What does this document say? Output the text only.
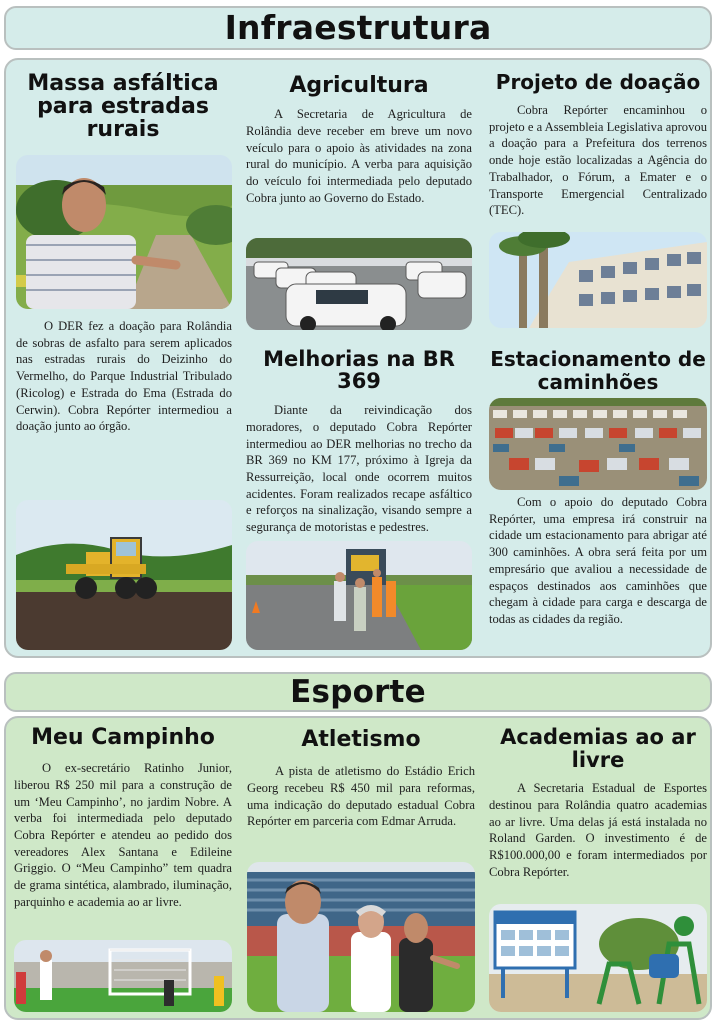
Infraestrutura
Massa asfáltica para estradas rurais
O DER fez a doação para Rolândia de sobras de asfalto para serem aplicados nas estradas rurais do Deizinho do Vermelho, do Parque Industrial Tribulado (Ricolog) e Estrada do Ema (Estrada do Cerwin). Cobra Repórter intermediou a doação junto ao órgão.
Agricultura
A Secretaria de Agricultura de Rolândia deve receber em breve um novo veículo para o apoio às atividades na zona rural do município. A verba para aquisição do veículo foi intermediada pelo deputado Cobra junto ao Governo do Estado.
Melhorias na BR 369
Diante da reivindicação dos moradores, o deputado Cobra Repórter intermediou ao DER melhorias no trecho da BR 369 no KM 177, próximo à Igreja da Ressurreição, local onde ocorrem muitos acidentes. Foram realizados recape asfáltico e reforços na sinalização, visando sempre a segurança de motoristas e pedestres.
Projeto de doação
Cobra Repórter encaminhou o projeto e a Assembleia Legislativa aprovou a doação para a Prefeitura dos terrenos onde hoje estão localizadas a Agência do Trabalhador, o Fórum, a Emater e o Transporte Emergencial Centralizado (TEC).
Estacionamento de caminhões
Com o apoio do deputado Cobra Repórter, uma empresa irá construir na cidade um estacionamento para abrigar até 300 caminhões. A obra será feita por um empresário que avaliou a necessidade de espaços destinados aos caminhões que chegam à cidade para carga e descarga de todas as cidades da região.
Esporte
Meu Campinho
O ex-secretário Ratinho Junior, liberou R$ 250 mil para a construção de um ‘Meu Campinho’, no jardim Nobre. A verba foi intermediada pelo deputado Cobra Repórter e atendeu ao pedido dos vereadores Alex Santana e Edileine Griggio. O “Meu Campinho” tem quadra de grama sintética, alambrado, iluminação, parquinho e academia ao ar livre.
Atletismo
A pista de atletismo do Estádio Erich Georg recebeu R$ 450 mil para reformas, uma indicação do deputado estadual Cobra Repórter em parceria com Edmar Arruda.
Academias ao ar livre
A Secretaria Estadual de Esportes destinou para Rolândia quatro academias ao ar livre. Uma delas já está instalada no Roland Garden. O investimento é de R$100.000,00 e foram intermediados por Cobra Repórter.
